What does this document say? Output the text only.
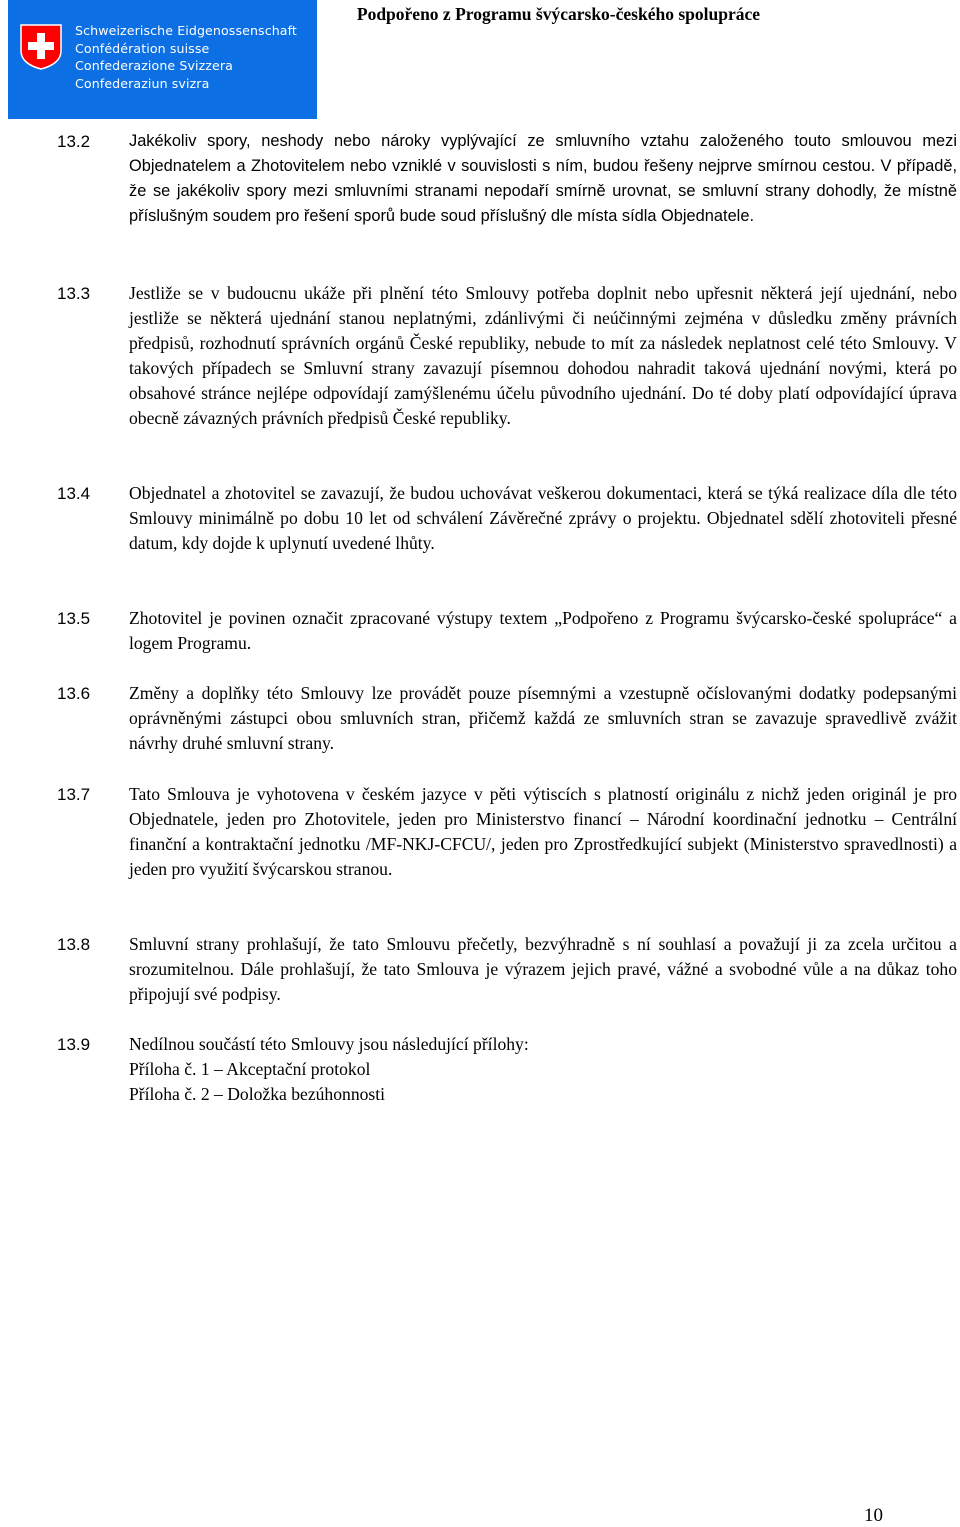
Schweizerische Eidgenossenschaft
Confédération suisse
Confederazione Svizzera
Confederaziun svizra
Podpořeno z Programu švýcarsko-českého spolupráce
13.2 Jakékoliv spory, neshody nebo nároky vyplývající ze smluvního vztahu založeného touto smlouvou mezi Objednatelem a Zhotovitelem nebo vzniklé v souvislosti s ním, budou řešeny nejprve smírnou cestou. V případě, že se jakékoliv spory mezi smluvními stranami nepodaří smírně urovnat, se smluvní strany dohodly, že místně příslušným soudem pro řešení sporů bude soud příslušný dle místa sídla Objednatele.
13.3 Jestliže se v budoucnu ukáže při plnění této Smlouvy potřeba doplnit nebo upřesnit některá její ujednání, nebo jestliže se některá ujednání stanou neplatnými, zdánlivými či neúčinnými zejména v důsledku změny právních předpisů, rozhodnutí správních orgánů České republiky, nebude to mít za následek neplatnost celé této Smlouvy. V takových případech se Smluvní strany zavazují písemnou dohodou nahradit taková ujednání novými, která po obsahové stránce nejlépe odpovídají zamýšlenému účelu původního ujednání. Do té doby platí odpovídající úprava obecně závazných právních předpisů České republiky.
13.4 Objednatel a zhotovitel se zavazují, že budou uchovávat veškerou dokumentaci, která se týká realizace díla dle této Smlouvy minimálně po dobu 10 let od schválení Závěrečné zprávy o projektu. Objednatel sdělí zhotoviteli přesné datum, kdy dojde k uplynutí uvedené lhůty.
13.5 Zhotovitel je povinen označit zpracované výstupy textem „Podpořeno z Programu švýcarsko-české spolupráce“ a logem Programu.
13.6 Změny a doplňky této Smlouvy lze provádět pouze písemnými a vzestupně očíslovanými dodatky podepsanými oprávněnými zástupci obou smluvních stran, přičemž každá ze smluvních stran se zavazuje spravedlivě zvážit návrhy druhé smluvní strany.
13.7 Tato Smlouva je vyhotovena v českém jazyce v pěti výtiscích s platností originálu z nichž jeden originál je pro Objednatele, jeden pro Zhotovitele, jeden pro Ministerstvo financí – Národní koordinační jednotku – Centrální finanční a kontraktační jednotku /MF-NKJ-CFCU/, jeden pro Zprostředkující subjekt (Ministerstvo spravedlnosti) a jeden pro využití švýcarskou stranou.
13.8 Smluvní strany prohlašují, že tato Smlouvu přečetly, bezvýhradně s ní souhlasí a považují ji za zcela určitou a srozumitelnou. Dále prohlašují, že tato Smlouva je výrazem jejich pravé, vážné a svobodné vůle a na důkaz toho připojují své podpisy.
13.9 Nedílnou součástí této Smlouvy jsou následující přílohy:
Příloha č. 1 – Akceptační protokol
Příloha č. 2 – Doložka bezúhonnosti
10
